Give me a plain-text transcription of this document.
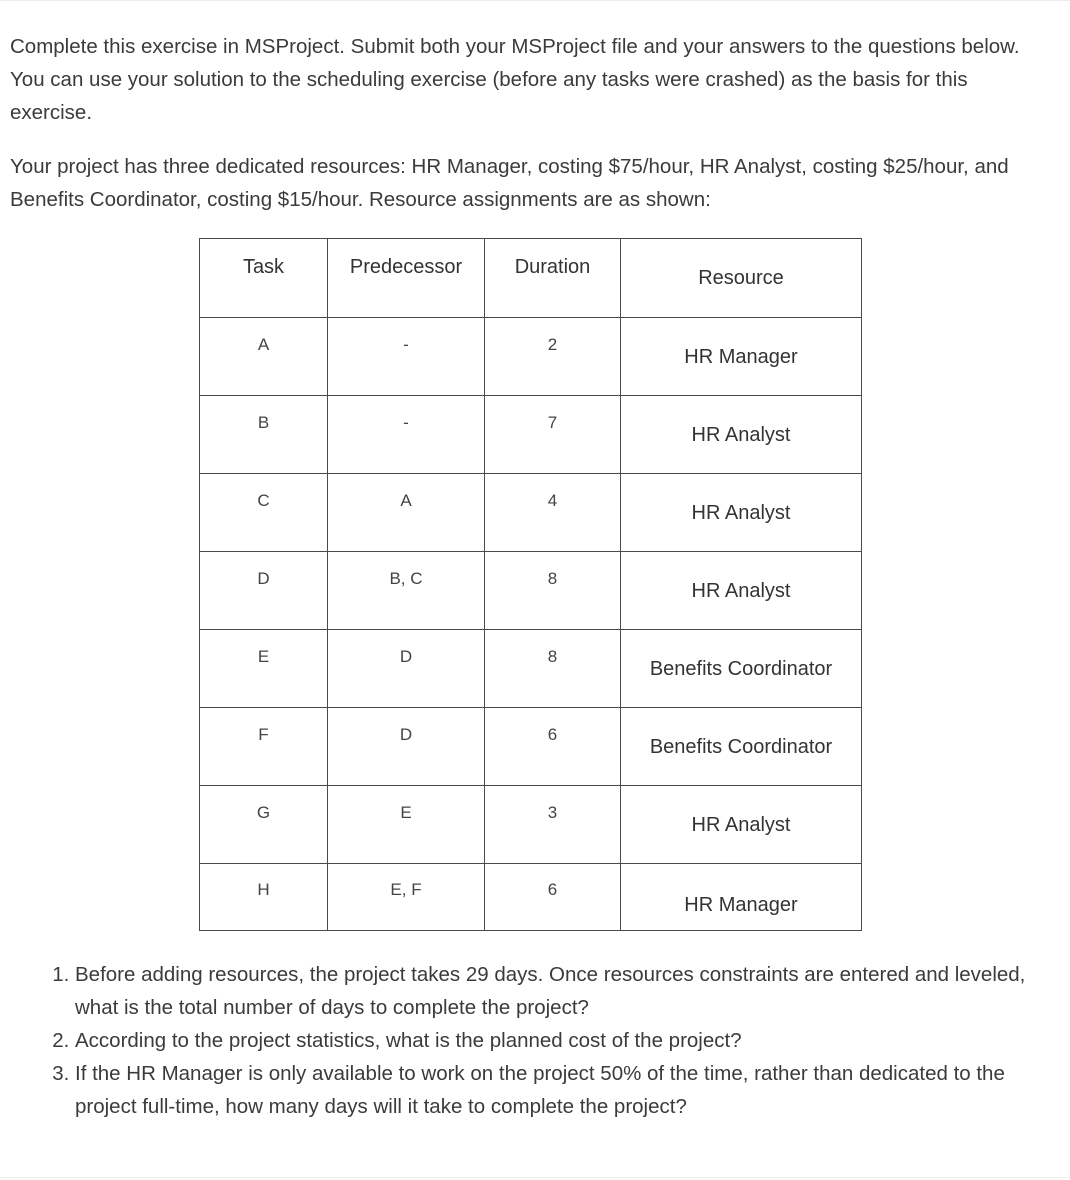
Complete this exercise in MSProject. Submit both your MSProject file and your answers to the questions below. You can use your solution to the scheduling exercise (before any tasks were crashed) as the basis for this exercise.

Your project has three dedicated resources: HR Manager, costing $75/hour, HR Analyst, costing $25/hour, and Benefits Coordinator, costing $15/hour. Resource assignments are as shown:

Task	Predecessor	Duration	Resource

A	-	2	HR Manager

B	-	7	HR Analyst

C	A	4	HR Analyst

D	B, C	8	HR Analyst

E	D	8	Benefits Coordinator

F	D	6	Benefits Coordinator

G	E	3	HR Analyst

H	E, F	6	HR Manager
1. Before adding resources, the project takes 29 days. Once resources constraints are entered and leveled, what is the total number of days to complete the project?
2. According to the project statistics, what is the planned cost of the project?
3. If the HR Manager is only available to work on the project 50% of the time, rather than dedicated to the project full-time, how many days will it take to complete the project?
